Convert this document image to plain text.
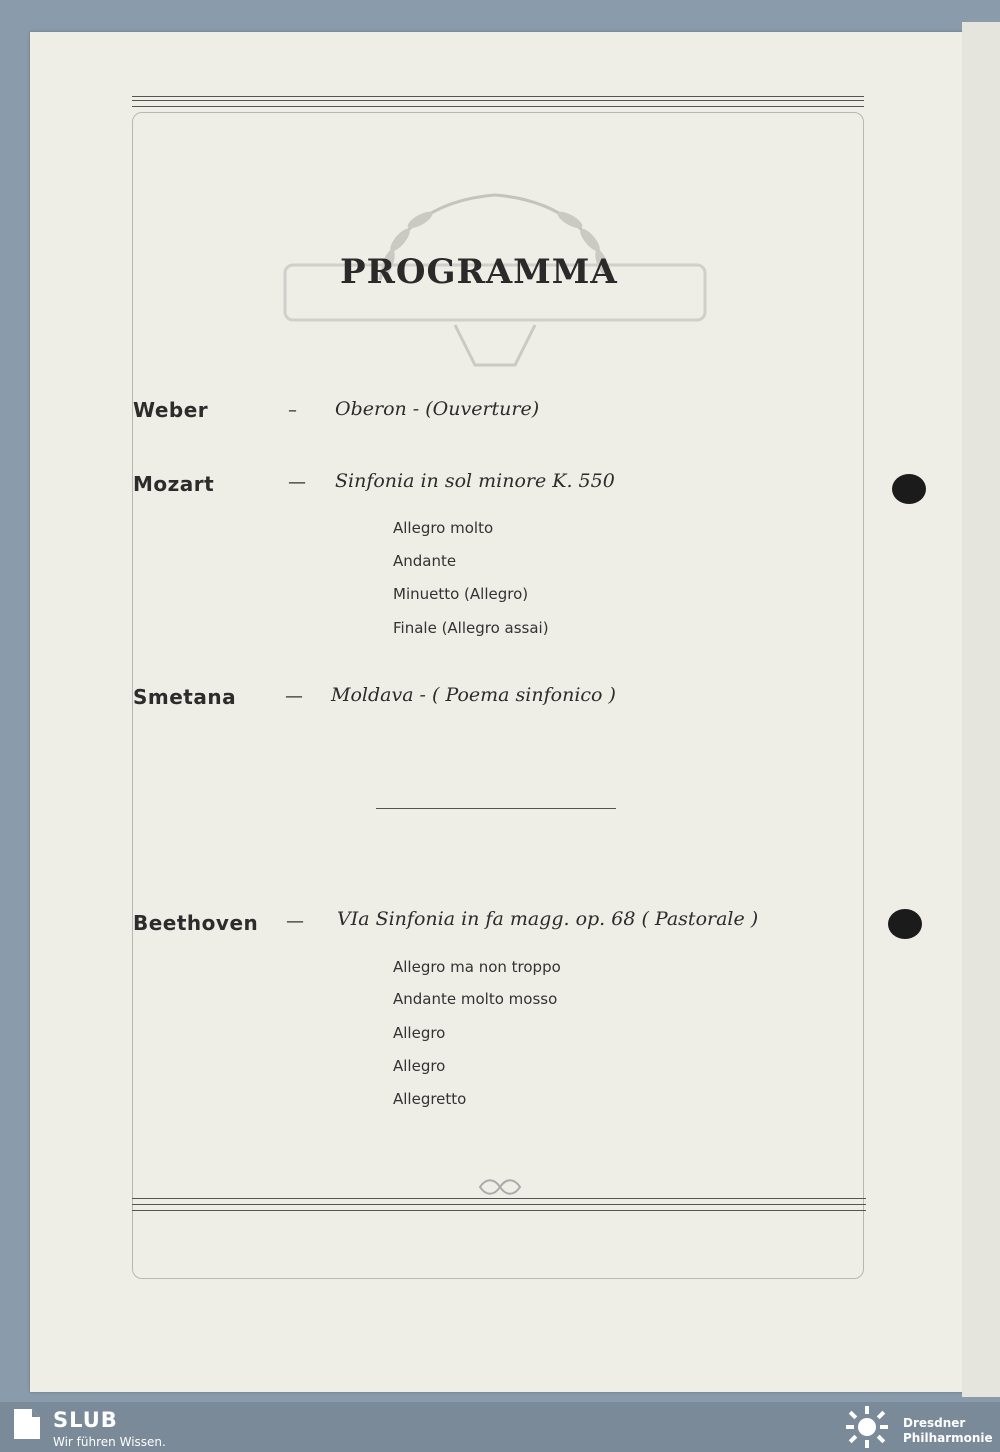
PROGRAMMA
Weber	– Oberon - (Ouverture)
Mozart	— Sinfonia in sol minore K. 550
Allegro molto
Andante
Minuetto (Allegro)
Finale (Allegro assai)
Smetana	— Moldava - ( Poema sinfonico )
Beethoven — VIa Sinfonia in fa magg. op. 68 ( Pastorale )
Allegro ma non troppo
Andante molto mosso
Allegro
Allegro
Allegretto
SLUB
Wir führen Wissen.
Dresdner
Philharmonie
